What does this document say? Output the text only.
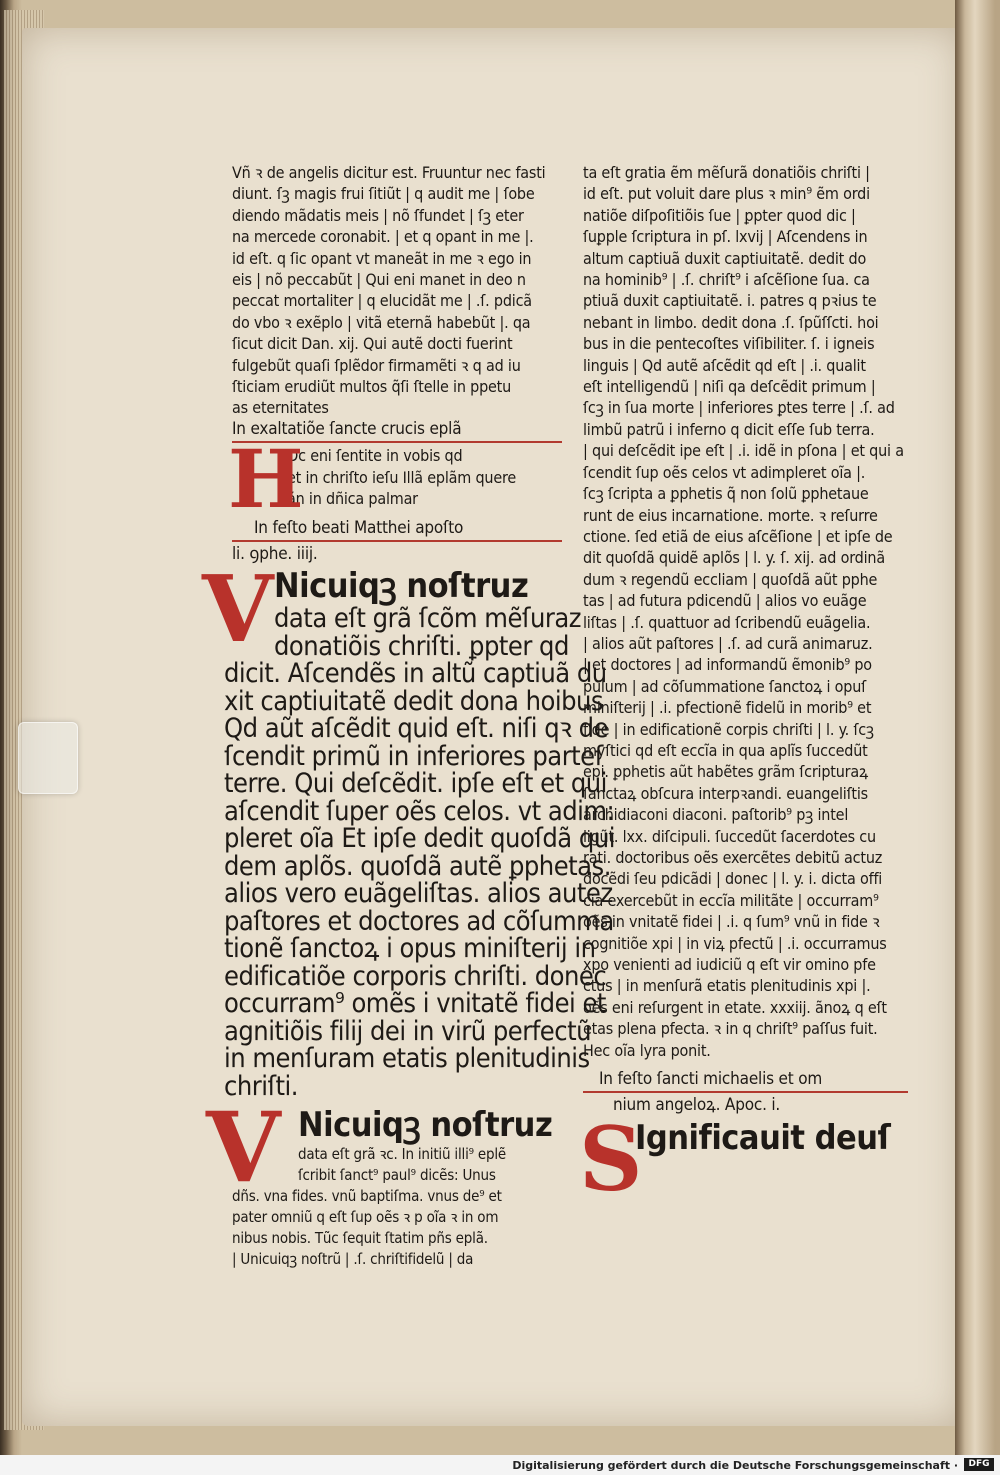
Vñ ꝛ de angelis dicitur est. Fruuntur nec fasti

diunt. ſꝫ magis frui ſitiũt | q audit me | ſobe

diendo mãdatis meis | nõ ſfundet | ſꝫ eter

na mercede coronabit. | et q opant in me |.

id eſt. q ſic opant vt maneãt in me ꝛ ego in

eis | nõ peccabũt | Qui eni manet in deo n

peccat mortaliter | q elucidãt me | .ſ. pdicã

do vbo ꝛ exẽplo | vitã eternã habebũt |. qa

ſicut dicit Dan. xij. Qui autẽ docti fuerint

fulgebũt quaſi ſplẽdor firmamẽti ꝛ q ad iu

ſticiam erudiũt multos q̃ſi ſtelle in ppetu

as eternitates

In exaltatiõe ſancte crucis eplã

H

Oc eni ſentite in vobis qd

et in chriſto ieſu Illã eplãm quere

ãn in dñica palmar

In feſto beati Matthei apoſto

li. ꝯphe. iiij.

V Nicuiqꝫ noſtruz

data eſt grã ſcõm mẽſuraz

donatiõis chriſti. ꝑpter qd

dicit. Aſcendẽs in altũ captiuã du

xit captiuitatẽ dedit dona hoibus

Qd aũt aſcẽdit quid eſt. niſi qꝛ de

ſcendit primũ in inferiores parteſ

terre. Qui deſcẽdit. ipſe eſt et qui

aſcendit ſuper oẽs celos. vt adim:

pleret oĩa Et ipſe dedit quoſdã qui

dem aplõs. quoſdã autẽ ꝑphetas.

alios vero euãgeliſtas. alios autez

paſtores et doctores ad cõſumma

tionẽ ſanctoꝝ i opus miniſterij in

edificatiõe corporis chriſti. donec

occurram⁹ omẽs i vnitatẽ fidei et

agnitiõis filij dei in virũ perfectũ

in menſuram etatis plenitudinis

chriſti.

V Nicuiqꝫ noſtruz

data eſt grã ꝛc. In initiũ illi⁹ eplẽ

ſcribit ſanct⁹ paul⁹ dicẽs: Unus

dñs. vna fides. vnũ baptiſma. vnus de⁹ et

pater omniũ q eſt ſup oẽs ꝛ p oĩa ꝛ in om

nibus nobis. Tũc ſequit ſtatim pñs eplã.

| Unicuiqꝫ noſtrũ | .ſ. chriſtifidelũ | da

ta eſt gratia ẽm mẽſurã donatiõis chriſti |

id eſt. put voluit dare plus ꝛ min⁹ ẽm ordi

natiõe diſpoſitiõis ſue | ꝑpter quod dic |

ſuꝑple ſcriptura in pſ. lxvij | Aſcendens in

altum captiuã duxit captiuitatẽ. dedit do

na hominib⁹ | .ſ. chriſt⁹ i aſcẽſione ſua. ca

ptiuã duxit captiuitatẽ. i. patres q pꝛius te

nebant in limbo. dedit dona .ſ. ſpũſſcti. hoi

bus in die pentecoſtes viſibiliter. ſ. i igneis

linguis | Qd autẽ aſcẽdit qd eſt | .i. qualit

eſt intelligendũ | niſi qa deſcẽdit primum |

ſcꝫ in ſua morte | inferiores ꝑtes terre | .ſ. ad

limbũ patrũ i inferno q dicit eſſe ſub terra.

| qui deſcẽdit ipe eſt | .i. idẽ in pſona | et qui a

ſcendit ſup oẽs celos vt adimpleret oĩa |.

ſcꝫ ſcripta a ꝑphetis q̃ non ſolũ ꝑphetaue

runt de eius incarnatione. morte. ꝛ reſurre

ctione. ſed etiã de eius aſcẽſione | et ipſe de

dit quoſdã quidẽ aplõs | l. y. ſ. xij. ad ordinã

dum ꝛ regendũ eccliam | quoſdã aũt pphe

tas | ad futura pdicendũ | alios vo euãge

liſtas | .ſ. quattuor ad ſcribendũ euãgelia.

| alios aũt paſtores | .ſ. ad curã animaruz.

| et doctores | ad informandũ ẽmonib⁹ po

pulum | ad cõſummatione ſanctoꝝ i opuſ

miniſterij | .i. pfectionẽ fidelũ in morib⁹ et

fide | in edificationẽ corpis chriſti | l. y. ſcꝫ

myſtici qd eſt eccĩa in qua aplĩs ſuccedũt

epi. ꝑphetis aũt habẽtes grãm ſcripturaꝝ

ſanctaꝝ obſcura interpꝛandi. euangeliſtis

archidiaconi diaconi. paſtorib⁹ pꝫ intel

ligũt. lxx. diſcipuli. ſuccedũt ſacerdotes cu

rati. doctoribus oẽs exercẽtes debitũ actuz

docẽdi ſeu pdicãdi | donec | l. y. i. dicta offi

cia exercebũt in eccĩa militãte | occurram⁹

oẽs in vnitatẽ fidei | .i. q ſum⁹ vnũ in fide ꝛ

cognitiõe xpi | in viꝝ pfectũ | .i. occurramus

xpo venienti ad iudiciũ q eſt vir omino pfe

ctus | in menſurã etatis plenitudinis xpi |.

oẽs eni reſurgent in etate. xxxiij. ãnoꝝ q eſt

etas plena pfecta. ꝛ in q chriſt⁹ paſſus fuit.

Hec oĩa lyra ponit.

In feſto ſancti michaelis et om

nium angeloꝝ. Apoc. i.

S

Ignificauit deuſ

Digitalisierung gefördert durch die Deutsche Forschungsgemeinschaft ·	DFG
